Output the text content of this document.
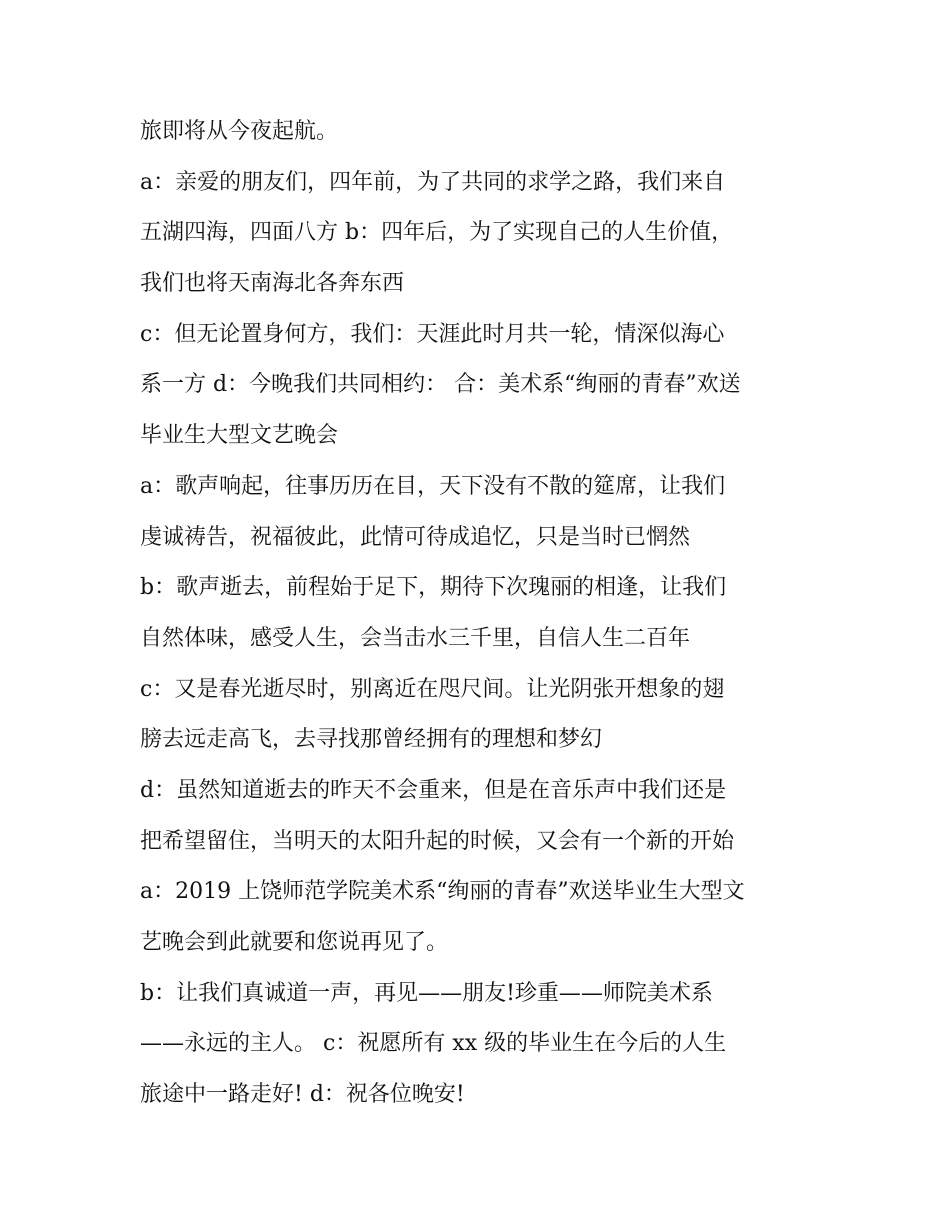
旅即将从今夜起航。
a：亲爱的朋友们，四年前，为了共同的求学之路，我们来自
五湖四海，四面八方 b：四年后，为了实现自己的人生价值，
我们也将天南海北各奔东西
c：但无论置身何方，我们：天涯此时月共一轮，情深似海心
系一方 d：今晚我们共同相约： 合：美术系“绚丽的青春”欢送
毕业生大型文艺晚会
a：歌声响起，往事历历在目，天下没有不散的筵席，让我们
虔诚祷告，祝福彼此，此情可待成追忆，只是当时已惘然
b：歌声逝去，前程始于足下，期待下次瑰丽的相逢，让我们
自然体味，感受人生，会当击水三千里，自信人生二百年
c：又是春光逝尽时，别离近在咫尺间。让光阴张开想象的翅
膀去远走高飞，去寻找那曾经拥有的理想和梦幻
d：虽然知道逝去的昨天不会重来，但是在音乐声中我们还是
把希望留住，当明天的太阳升起的时候，又会有一个新的开始
a：2019 上饶师范学院美术系“绚丽的青春”欢送毕业生大型文
艺晚会到此就要和您说再见了。
b：让我们真诚道一声，再见——朋友!珍重——师院美术系
——永远的主人。 c：祝愿所有 xx 级的毕业生在今后的人生
旅途中一路走好! d：祝各位晚安!
